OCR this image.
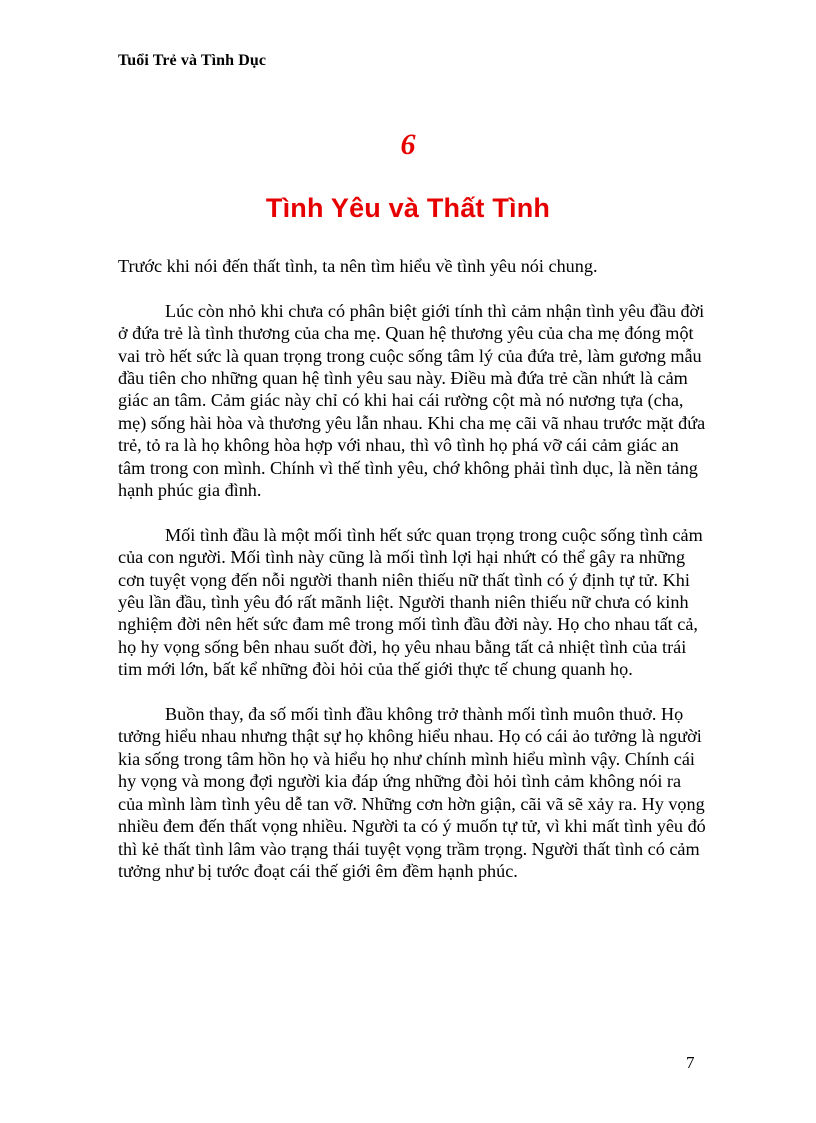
Tuổi Trẻ và Tình Dục
6
Tình Yêu và Thất Tình

Trước khi nói đến thất tình, ta nên tìm hiểu về tình yêu nói chung.

Lúc còn nhỏ khi chưa có phân biệt giới tính thì cảm nhận tình yêu đầu đời ở đứa trẻ là tình thương của cha mẹ. Quan hệ thương yêu của cha mẹ đóng một vai trò hết sức là quan trọng trong cuộc sống tâm lý của đứa trẻ, làm gương mẫu đầu tiên cho những quan hệ tình yêu sau này. Điều mà đứa trẻ cần nhứt là cảm giác an tâm. Cảm giác này chỉ có khi hai cái rường cột mà nó nương tựa (cha, mẹ) sống hài hòa và thương yêu lẫn nhau. Khi cha mẹ cãi vã nhau trước mặt đứa trẻ, tỏ ra là họ không hòa hợp với nhau, thì vô tình họ phá vỡ cái cảm giác an tâm trong con mình. Chính vì thế tình yêu, chớ không phải tình dục, là nền tảng hạnh phúc gia đình.

Mối tình đầu là một mối tình hết sức quan trọng trong cuộc sống tình cảm của con người. Mối tình này cũng là mối tình lợi hại nhứt có thể gây ra những cơn tuyệt vọng đến nỗi người thanh niên thiếu nữ thất tình có ý định tự tử. Khi yêu lần đầu, tình yêu đó rất mãnh liệt. Người thanh niên thiếu nữ chưa có kinh nghiệm đời nên hết sức đam mê trong mối tình đầu đời này. Họ cho nhau tất cả, họ hy vọng sống bên nhau suốt đời, họ yêu nhau bằng tất cả nhiệt tình của trái tim mới lớn, bất kể những đòi hỏi của thế giới thực tế chung quanh họ.

Buồn thay, đa số mối tình đầu không trở thành mối tình muôn thuở. Họ tưởng hiểu nhau nhưng thật sự họ không hiểu nhau. Họ có cái ảo tưởng là người kia sống trong tâm hồn họ và hiểu họ như chính mình hiểu mình vậy. Chính cái hy vọng và mong đợi người kia đáp ứng những đòi hỏi tình cảm không nói ra của mình làm tình yêu dễ tan vỡ. Những cơn hờn giận, cãi vã sẽ xảy ra. Hy vọng nhiều đem đến thất vọng nhiều. Người ta có ý muốn tự tử, vì khi mất tình yêu đó thì kẻ thất tình lâm vào trạng thái tuyệt vọng trầm trọng. Người thất tình có cảm tưởng như bị tước đoạt cái thế giới êm đềm hạnh phúc.

7
